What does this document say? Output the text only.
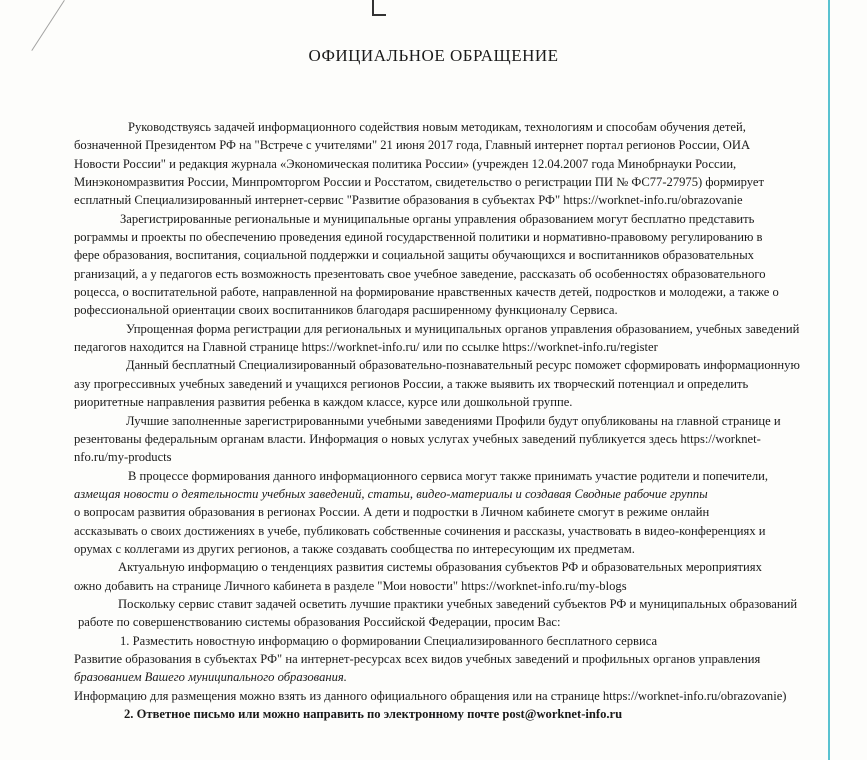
ОФИЦИАЛЬНОЕ ОБРАЩЕНИЕ
Руководствуясь задачей информационного содействия новым методикам, технологиям и способам обучения детей,
бозначенной Президентом РФ на "Встрече с учителями" 21 июня 2017 года, Главный интернет портал регионов России, ОИА
Новости России" и редакция журнала «Экономическая политика России» (учрежден 12.04.2007 года Минобрнауки России,
Минэкономразвития России, Минпромторгом России и Росстатом, свидетельство о регистрации ПИ № ФС77-27975) формирует
есплатный Специализированный интернет-сервис "Развитие образования в субъектах РФ" https://worknet-info.ru/obrazovanie
Зарегистрированные региональные и муниципальные органы управления образованием могут бесплатно представить
рограммы и проекты по обеспечению проведения единой государственной политики и нормативно-правовому регулированию в
фере образования, воспитания, социальной поддержки и социальной защиты обучающихся и воспитанников образовательных
рганизаций, а у педагогов есть возможность презентовать свое учебное заведение, рассказать об особенностях образовательного
роцесса, о воспитательной работе, направленной на формирование нравственных качеств детей, подростков и молодежи, а также о
рофессиональной ориентации своих воспитанников благодаря расширенному функционалу Сервиса.
Упрощенная форма регистрации для региональных и муниципальных органов управления образованием, учебных заведений
педагогов находится на Главной странице https://worknet-info.ru/ или по ссылке https://worknet-info.ru/register
Данный бесплатный Специализированный образовательно-познавательный ресурс поможет сформировать информационную
азу прогрессивных учебных заведений и учащихся регионов России, а также выявить их творческий потенциал и определить
риоритетные направления развития ребенка в каждом классе, курсе или дошкольной группе.
Лучшие заполненные зарегистрированными учебными заведениями Профили будут опубликованы на главной странице и
резентованы федеральным органам власти. Информация о новых услугах учебных заведений публикуется здесь https://worknet-
nfo.ru/my-products
В процессе формирования данного информационного сервиса могут также принимать участие родители и попечители,
азмещая новости о деятельности учебных заведений, статьи, видео-материалы и создавая Сводные рабочие группы
о вопросам развития образования в регионах России. А дети и подростки в Личном кабинете смогут в режиме онлайн
ассказывать о своих достижениях в учебе, публиковать собственные сочинения и рассказы, участвовать в видео-конференциях и
орумах с коллегами из других регионов, а также создавать сообщества по интересующим их предметам.
Актуальную информацию о тенденциях развития системы образования субъектов РФ и образовательных мероприятиях
ожно добавить на странице Личного кабинета в разделе "Мои новости" https://worknet-info.ru/my-blogs
Поскольку сервис ставит задачей осветить лучшие практики учебных заведений субъектов РФ и муниципальных образований
работе по совершенствованию системы образования Российской Федерации, просим Вас:
1. Разместить новостную информацию о формировании Специализированного бесплатного сервиса
Развитие образования в субъектах РФ" на интернет-ресурсах всех видов учебных заведений и профильных органов управления
бразованием Вашего муниципального образования.
Информацию для размещения можно взять из данного официального обращения или на странице https://worknet-info.ru/obrazovanie)
2. Ответное письмо или можно направить по электронному почте post@worknet-info.ru
